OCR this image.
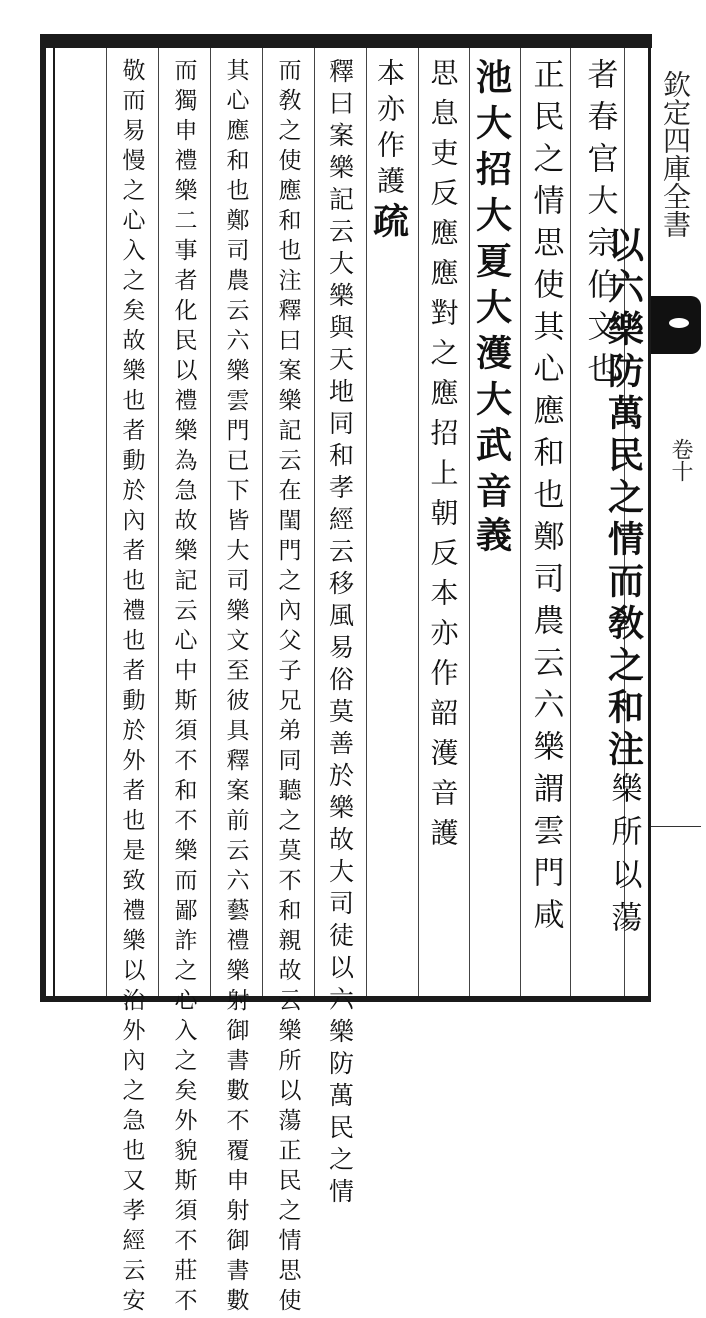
欽定四庫全書
卷十
者春官大宗伯文也
以六樂防萬民之情而敎之和
注
樂所以蕩
正民之情思使其心應和也鄭司農云六樂謂雲門咸
池大招大夏大濩大武
音義
思息吏反應應對之應招上朝反本亦作韶濩音護
本亦作護
疏
釋曰案樂記云大樂與天地同和孝經云移風易俗莫善於樂故大司徒以六樂防萬民之情
而敎之使應和也注釋曰案樂記云在閨門之內父子兄弟同聽之莫不和親故云樂所以蕩正民之情思使
其心應和也鄭司農云六樂雲門已下皆大司樂文至彼具釋案前云六藝禮樂射御書數不覆申射御書數
而獨申禮樂二事者化民以禮樂為急故樂記云心中斯須不和不樂而鄙詐之心入之矣外貌斯須不莊不
敬而易慢之心入之矣故樂也者動於內者也禮也者動於外者也是致禮樂以治外內之急也又孝經云安
